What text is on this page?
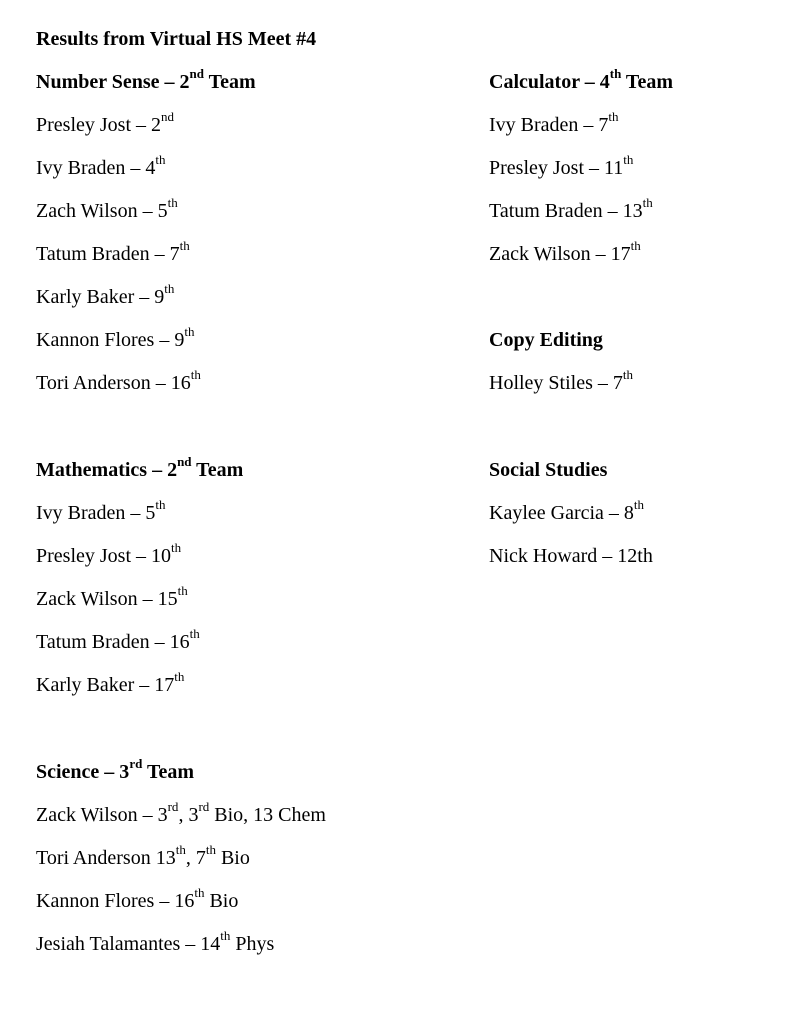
Results from Virtual HS Meet #4
Number Sense – 2nd Team
Presley Jost – 2nd
Ivy Braden – 4th
Zach Wilson – 5th
Tatum Braden – 7th
Karly Baker – 9th
Kannon Flores – 9th
Tori Anderson – 16th
Mathematics – 2nd Team
Ivy Braden – 5th
Presley Jost – 10th
Zack Wilson – 15th
Tatum Braden – 16th
Karly Baker – 17th
Science – 3rd Team
Zack Wilson – 3rd, 3rd Bio, 13 Chem
Tori Anderson 13th, 7th Bio
Kannon Flores – 16th Bio
Jesiah Talamantes – 14th Phys
Calculator – 4th Team
Ivy Braden – 7th
Presley Jost – 11th
Tatum Braden – 13th
Zack Wilson – 17th
Copy Editing
Holley Stiles – 7th
Social Studies
Kaylee Garcia – 8th
Nick Howard – 12th
